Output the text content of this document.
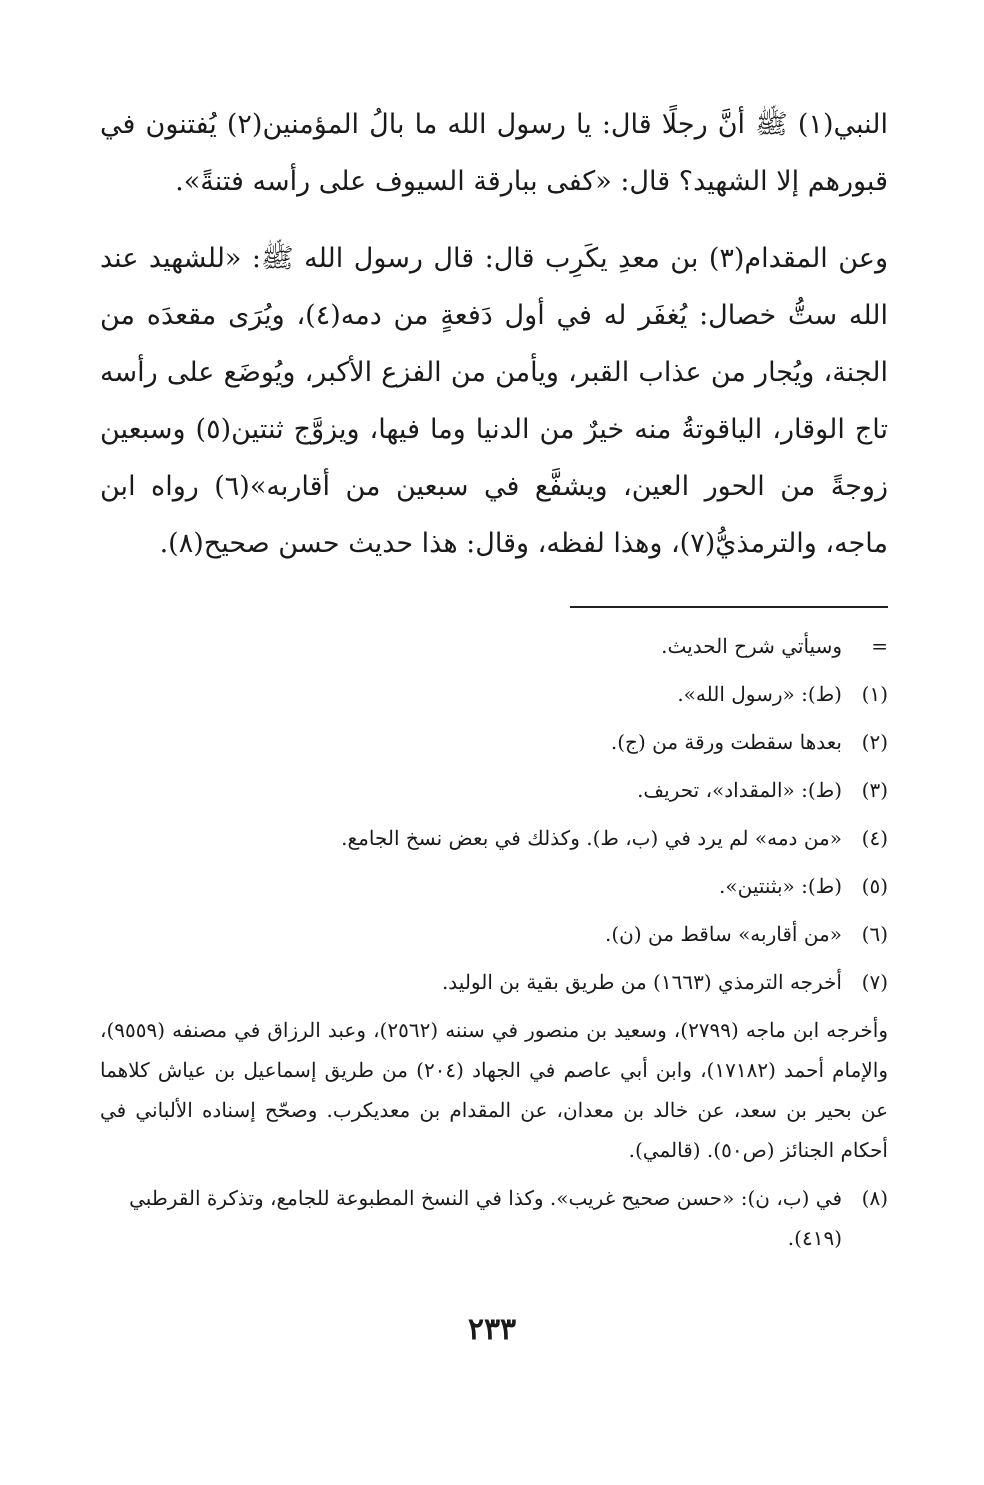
النبي(١) ﷺ أنَّ رجلًا قال: يا رسول الله ما بالُ المؤمنين(٢) يُفتنون في قبورهم إلا الشهيد؟ قال: «كفى ببارقة السيوف على رأسه فتنةً».

وعن المقدام(٣) بن معدِ يكَرِب قال: قال رسول الله ﷺ: «للشهيد عند الله ستُّ خصال: يُغفَر له في أول دَفعةٍ من دمه(٤)، ويُرَى مقعدَه من الجنة، ويُجار من عذاب القبر، ويأمن من الفزع الأكبر، ويُوضَع على رأسه تاج الوقار، الياقوتةُ منه خيرٌ من الدنيا وما فيها، ويزوَّج ثنتين(٥) وسبعين زوجةً من الحور العين، ويشفَّع في سبعين من أقاربه»(٦) رواه ابن ماجه، والترمذيُّ(٧)، وهذا لفظه، وقال: هذا حديث حسن صحيح(٨).

=
وسيأتي شرح الحديث.
(١)
(ط): «رسول الله».
(٢)
بعدها سقطت ورقة من (ج).
(٣)
(ط): «المقداد»، تحريف.
(٤)
«من دمه» لم يرد في (ب، ط). وكذلك في بعض نسخ الجامع.
(٥)
(ط): «بثنتين».
(٦)
«من أقاربه» ساقط من (ن).
(٧)
أخرجه الترمذي (١٦٦٣) من طريق بقية بن الوليد.
وأخرجه ابن ماجه (٢٧٩٩)، وسعيد بن منصور في سننه (٢٥٦٢)، وعبد الرزاق في مصنفه (٩٥٥٩)، والإمام أحمد (١٧١٨٢)، وابن أبي عاصم في الجهاد (٢٠٤) من طريق إسماعيل بن عياش كلاهما عن بحير بن سعد، عن خالد بن معدان، عن المقدام بن معديكرب. وصحّح إسناده الألباني في أحكام الجنائز (ص٥٠). (قالمي).
(٨)
في (ب، ن): «حسن صحيح غريب». وكذا في النسخ المطبوعة للجامع، وتذكرة القرطبي (٤١٩).
٢٣٣
